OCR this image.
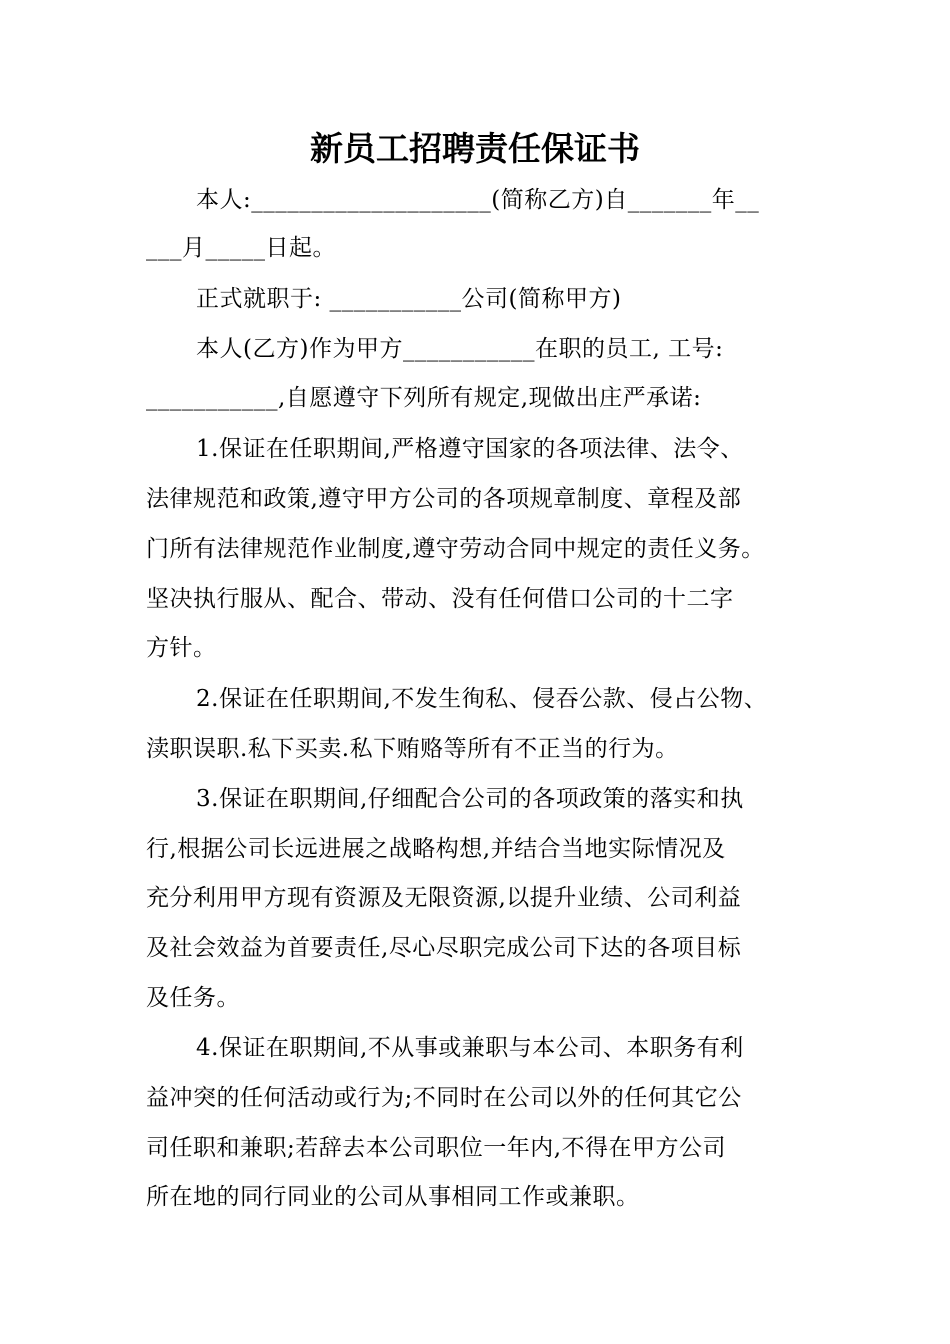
新员工招聘责任保证书
本人:____________________(简称乙方)自_______年__
___月_____日起。
正式就职于: ___________公司(简称甲方)
本人(乙方)作为甲方___________在职的员工, 工号:
___________,自愿遵守下列所有规定,现做出庄严承诺:
1.保证在任职期间,严格遵守国家的各项法律、法令、
法律规范和政策,遵守甲方公司的各项规章制度、章程及部
门所有法律规范作业制度,遵守劳动合同中规定的责任义务。
坚决执行服从、配合、带动、没有任何借口公司的十二字
方针。
2.保证在任职期间,不发生徇私、侵吞公款、侵占公物、
渎职误职.私下买卖.私下贿赂等所有不正当的行为。
3.保证在职期间,仔细配合公司的各项政策的落实和执
行,根据公司长远进展之战略构想,并结合当地实际情况及
充分利用甲方现有资源及无限资源,以提升业绩、公司利益
及社会效益为首要责任,尽心尽职完成公司下达的各项目标
及任务。
4.保证在职期间,不从事或兼职与本公司、本职务有利
益冲突的任何活动或行为;不同时在公司以外的任何其它公
司任职和兼职;若辞去本公司职位一年内,不得在甲方公司
所在地的同行同业的公司从事相同工作或兼职。
